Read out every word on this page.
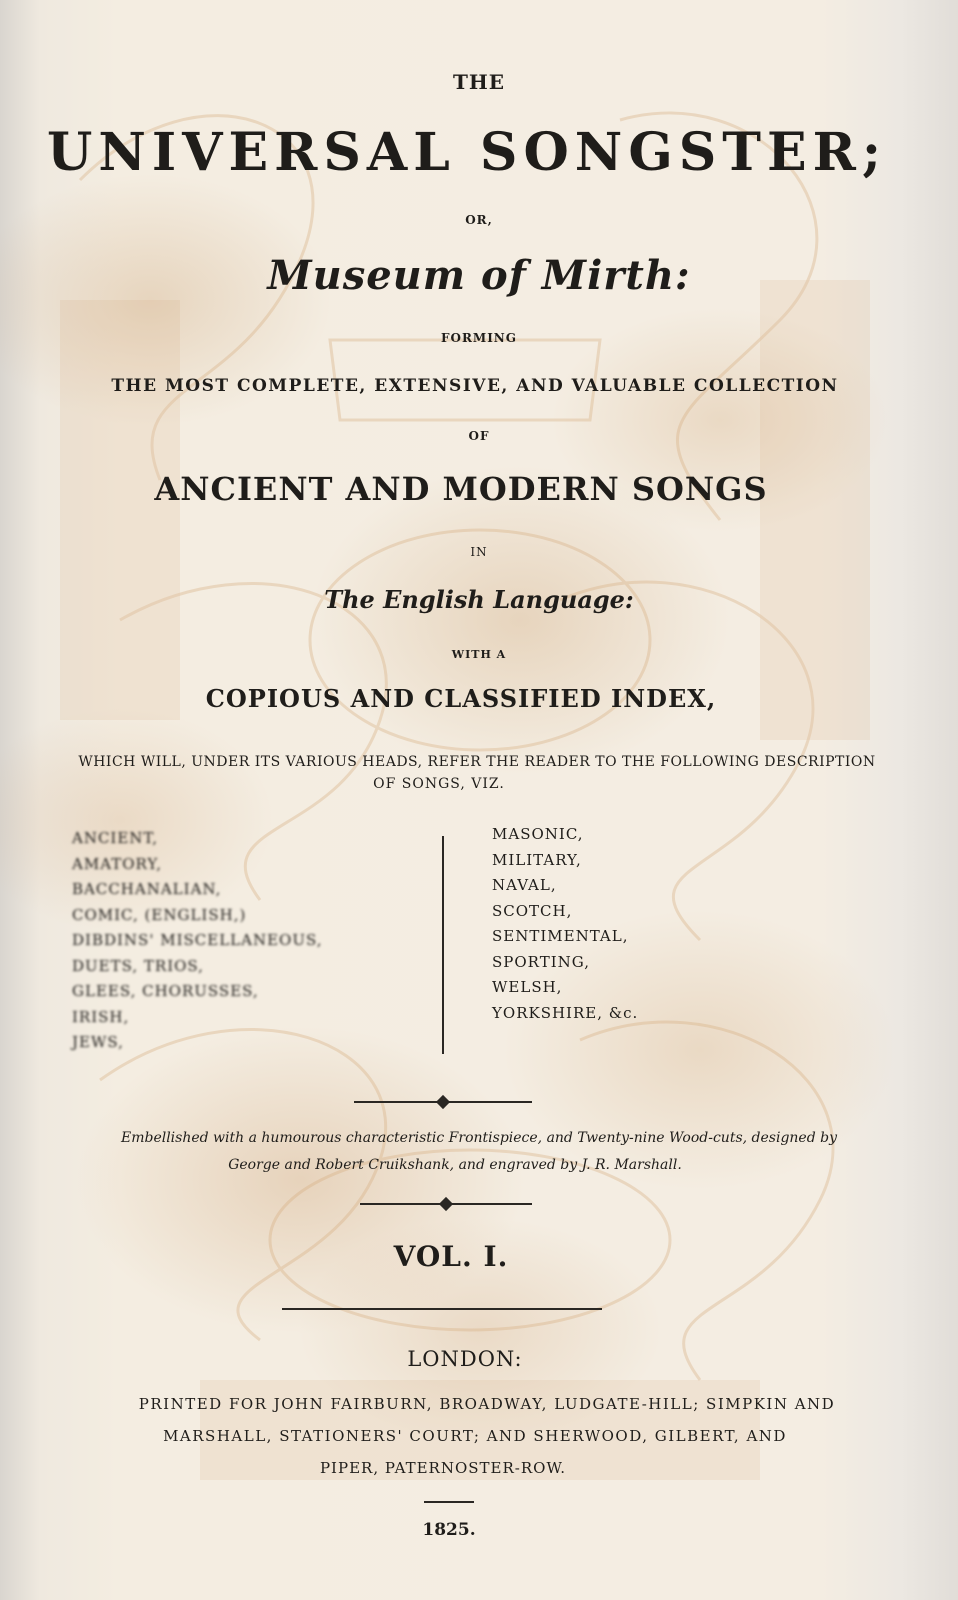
THE
UNIVERSAL SONGSTER;
OR,
Museum of Mirth:
FORMING
THE MOST COMPLETE, EXTENSIVE, AND VALUABLE COLLECTION
OF
ANCIENT AND MODERN SONGS
IN
The English Language:
WITH A
COPIOUS AND CLASSIFIED INDEX,
WHICH WILL, UNDER ITS VARIOUS HEADS, REFER THE READER TO THE FOLLOWING DESCRIPTION
OF SONGS, VIZ.
ANCIENT,
AMATORY,
BACCHANALIAN,
COMIC, (ENGLISH,)
DIBDINS' MISCELLANEOUS,
DUETS, TRIOS,
GLEES, CHORUSSES,
IRISH,
JEWS,
MASONIC,
MILITARY,
NAVAL,
SCOTCH,
SENTIMENTAL,
SPORTING,
WELSH,
YORKSHIRE, &c.
Embellished with a humourous characteristic Frontispiece, and Twenty-nine Wood-cuts, designed by
George and Robert Cruikshank, and engraved by J. R. Marshall.
VOL. I.
LONDON:
PRINTED FOR JOHN FAIRBURN, BROADWAY, LUDGATE-HILL; SIMPKIN AND
MARSHALL, STATIONERS' COURT; AND SHERWOOD, GILBERT, AND
PIPER, PATERNOSTER-ROW.
1825.
